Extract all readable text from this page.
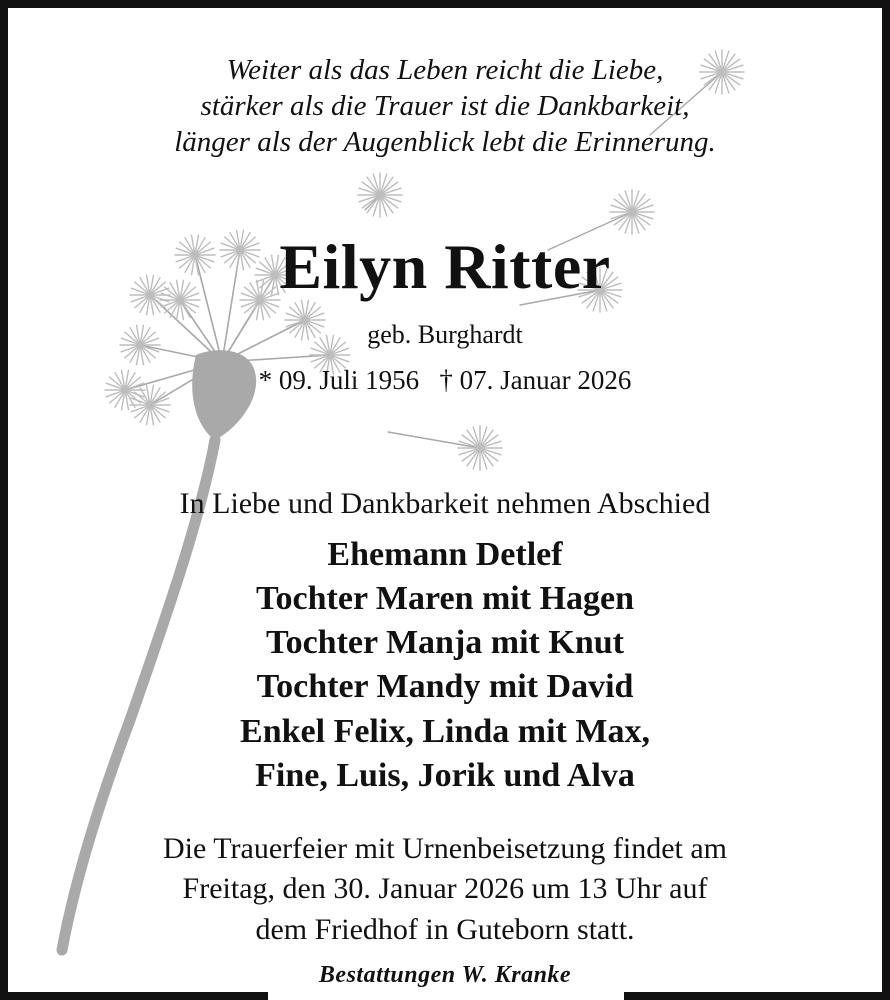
Weiter als das Leben reicht die Liebe,
stärker als die Trauer ist die Dankbarkeit,
länger als der Augenblick lebt die Erinnerung.
Eilyn Ritter
geb. Burghardt
* 09. Juli 1956   † 07. Januar 2026
In Liebe und Dankbarkeit nehmen Abschied
Ehemann Detlef
Tochter Maren mit Hagen
Tochter Manja mit Knut
Tochter Mandy mit David
Enkel Felix, Linda mit Max,
Fine, Luis, Jorik und Alva
Die Trauerfeier mit Urnenbeisetzung findet am
Freitag, den 30. Januar 2026 um 13 Uhr auf
dem Friedhof in Guteborn statt.
Bestattungen W. Kranke
